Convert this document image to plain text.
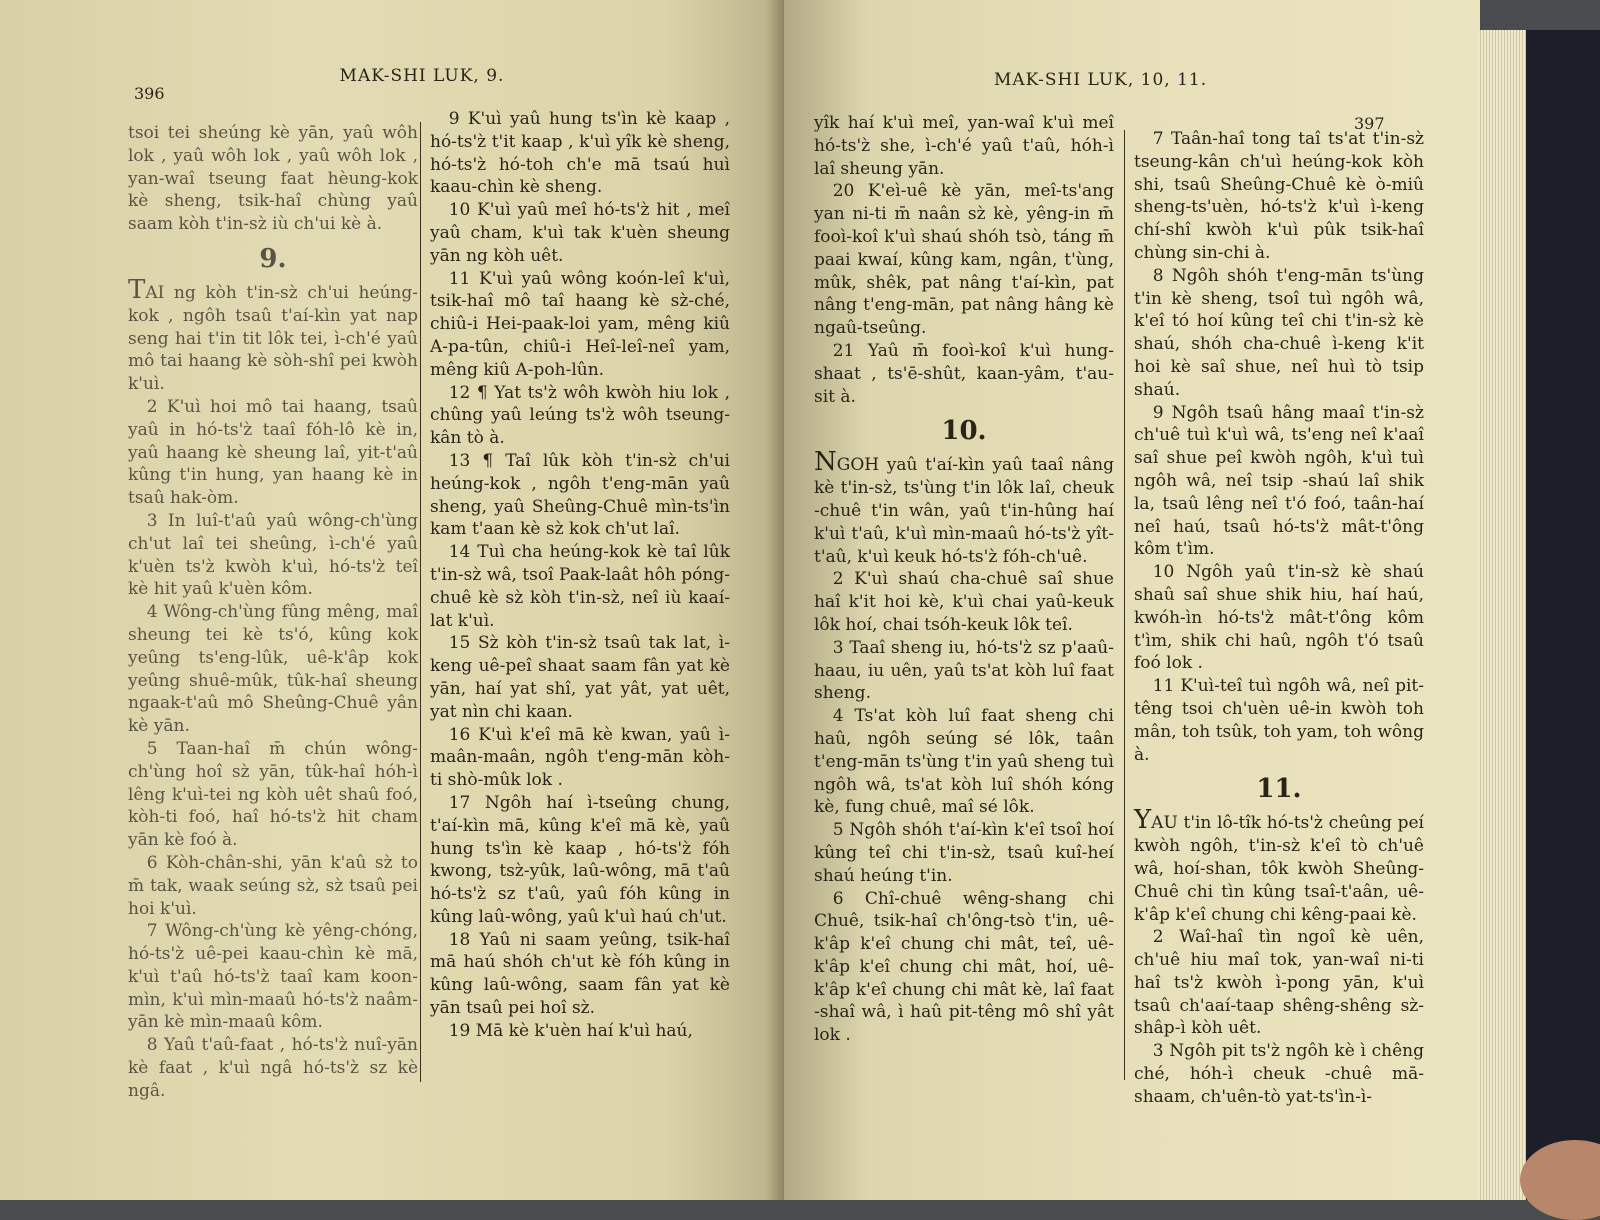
396
MAK-SHI LUK, 9.

tsoi tei sheúng kè yān, yaû wôh lok , yaû wôh lok , yaû wôh lok , yan-waî tseung faat hèung-kok kè sheng, tsik-haî chùng yaû saam kòh t'in-sz̀ iù ch'ui kè à.

9.

TAI ng kòh t'in-sz̀ ch'ui heúng-kok , ngôh tsaû t'aí-kìn yat nap seng hai t'in tit lôk tei, ì-ch'é yaû mô tai haang kè sòh-shî pei kwòh k'uì.

2 K'uì hoi mô tai haang, tsaû yaû in hó-ts'z̀ taaî fóh-lô kè in, yaû haang kè sheung laî, yit-t'aû kûng t'in hung, yan haang kè in tsaû hak-òm.

3 In luî-t'aû yaû wông-ch'ùng ch'ut laî tei sheûng, ì-ch'é yaû k'uèn ts'z̀ kwòh k'uì, hó-ts'z̀ teî kè hit yaû k'uèn kôm.

4 Wông-ch'ùng fûng mêng, maî sheung tei kè ts'ó, kûng kok yeûng ts'eng-lûk, uê-k'âp kok yeûng shuê-mûk, tûk-haî sheung ngaak-t'aû mô Sheûng-Chuê yân kè yān.

5 Taan-haî m̄ chún wông-ch'ùng hoî sz̀ yān, tûk-haî hóh-ì lêng k'uì-tei ng kòh uêt shaû foó, kòh-ti foó, haî hó-ts'z̀ hit cham yān kè foó à.

6 Kòh-chân-shi, yān k'aû sz̀ to m̄ tak, waak seúng sz̀, sz̀ tsaû pei hoi k'uì.

7 Wông-ch'ùng kè yêng-chóng, hó-ts'z̀ uê-pei kaau-chìn kè mā, k'uì t'aû hó-ts'z̀ taaî kam koon-mìn, k'uì mìn-maaû hó-ts'z̀ naâm-yān kè mìn-maaû kôm.

8 Yaû t'aû-faat , hó-ts'z̀ nuî-yān kè faat , k'uì ngâ hó-ts'z̀ sz kè ngâ.

9 K'uì yaû hung ts'ìn kè kaap , hó-ts'z̀ t'it kaap , k'uì yîk kè sheng, hó-ts'z̀ hó-toh ch'e mā tsaú huì kaau-chìn kè sheng.

10 K'uì yaû meî hó-ts'z̀ hit , meî yaû cham, k'uì tak k'uèn sheung yān ng kòh uêt.

11 K'uì yaû wông koón-leî k'uì, tsik-haî mô taî haang kè sz̀-ché, chiû-i Hei-paak-loi yam, mêng kiû A-pa-tûn, chiû-i Heî-leî-neî yam, mêng kiû A-poh-lûn.

12 ¶ Yat ts'z̀ wôh kwòh hiu lok , chûng yaû leúng ts'z̀ wôh tseung-kân tò à.

13 ¶ Taî lûk kòh t'in-sz̀ ch'ui heúng-kok , ngôh t'eng-mān yaû sheng, yaû Sheûng-Chuê mìn-ts'ìn kam t'aan kè sz̀ kok ch'ut laî.

14 Tuì cha heúng-kok kè taî lûk t'in-sz̀ wâ, tsoî Paak-laât hôh póng-chuê kè sz̀ kòh t'in-sz̀, neî iù kaaí-lat k'uì.

15 Sz̀ kòh t'in-sz̀ tsaû tak lat, ì-keng uê-peî shaat saam fân yat kè yān, haí yat shî, yat yât, yat uêt, yat nìn chi kaan.

16 K'uì k'eî mā kè kwan, yaû ì-maân-maân, ngôh t'eng-mān kòh-ti shò-mûk lok .

17 Ngôh haí ì-tseûng chung, t'aí-kìn mā, kûng k'eî mā kè, yaû hung ts'ìn kè kaap , hó-ts'z̀ fóh kwong, tsz̀-yûk, laû-wông, mā t'aû hó-ts'z̀ sz t'aû, yaû fóh kûng in kûng laû-wông, yaû k'uì haú ch'ut.

18 Yaû ni saam yeûng, tsik-haî mā haú shóh ch'ut kè fóh kûng in kûng laû-wông, saam fân yat kè yān tsaû pei hoî sz̀.

19 Mā kè k'uèn haí k'uì haú,

MAK-SHI LUK, 10, 11.
397

yîk haí k'uì meî, yan-waî k'uì meî hó-ts'z̀ she, ì-ch'é yaû t'aû, hóh-ì laî sheung yān.

20 K'eì-uê kè yān, meî-ts'ang yan ni-ti m̄ naân sz̀ kè, yêng-in m̄ fooì-koî k'uì shaú shóh tsò, táng m̄ paai kwaí, kûng kam, ngân, t'ùng, mûk, shêk, pat nâng t'aí-kìn, pat nâng t'eng-mān, pat nâng hâng kè ngaû-tseûng.

21 Yaû m̄ fooì-koî k'uì hung-shaat , ts'ē-shût, kaan-yâm, t'au-sit à.

10.

NGOH yaû t'aí-kìn yaû taaî nâng kè t'in-sz̀, ts'ùng t'in lôk laî, cheuk -chuê t'in wân, yaû t'in-hûng haí k'uì t'aû, k'uì mìn-maaû hó-ts'z̀ yît-t'aû, k'uì keuk hó-ts'z̀ fóh-ch'uê.

2 K'uì shaú cha-chuê saî shue haî k'it hoi kè, k'uì chai yaû-keuk lôk hoí, chai tsóh-keuk lôk teî.

3 Taaî sheng iu, hó-ts'z̀ sz p'aaû-haau, iu uên, yaû ts'at kòh luî faat sheng.

4 Ts'at kòh luî faat sheng chi haû, ngôh seúng sé lôk, taân t'eng-mān ts'ùng t'in yaû sheng tuì ngôh wâ, ts'at kòh luî shóh kóng kè, fung chuê, maî sé lôk.

5 Ngôh shóh t'aí-kìn k'eî tsoî hoí kûng teî chi t'in-sz̀, tsaû kuî-heí shaú heúng t'in.

6 Chî-chuê wêng-shang chi Chuê, tsik-haî ch'ông-tsò t'in, uê-k'âp k'eî chung chi mât, teî, uê-k'âp k'eî chung chi mât, hoí, uê-k'âp k'eî chung chi mât kè, laî faat -shaî wâ, ì haû pit-têng mô shî yât lok .

7 Taân-haî tong taî ts'at t'in-sz̀ tseung-kân ch'uì heúng-kok kòh shi, tsaû Sheûng-Chuê kè ò-miû sheng-ts'uèn, hó-ts'z̀ k'uì ì-keng chí-shî kwòh k'uì pûk tsik-haî chùng sin-chi à.

8 Ngôh shóh t'eng-mān ts'ùng t'in kè sheng, tsoî tuì ngôh wâ, k'eî tó hoí kûng teî chi t'in-sz̀ kè shaú, shóh cha-chuê ì-keng k'it hoi kè saî shue, neî huì tò tsip shaú.

9 Ngôh tsaû hâng maaî t'in-sz̀ ch'uê tuì k'uì wâ, ts'eng neî k'aaî saî shue peî kwòh ngôh, k'uì tuì ngôh wâ, neî tsip -shaú laî shik la, tsaû lêng neî t'ó foó, taân-haí neî haú, tsaû hó-ts'z̀ mât-t'ông kôm t'ìm.

10 Ngôh yaû t'in-sz̀ kè shaú shaû saî shue shik hiu, haí haú, kwóh-ìn hó-ts'z̀ mât-t'ông kôm t'ìm, shik chi haû, ngôh t'ó tsaû foó lok .

11 K'uì-teî tuì ngôh wâ, neî pit-têng tsoi ch'uèn uê-in kwòh toh mân, toh tsûk, toh yam, toh wông à.

11.

YAU t'in lô-tîk hó-ts'z̀ cheûng peí kwòh ngôh, t'in-sz̀ k'eî tò ch'uê wâ, hoí-shan, tôk kwòh Sheûng-Chuê chi tìn kûng tsaî-t'aân, uê-k'âp k'eî chung chi kêng-paai kè.

2 Waî-haî tìn ngoî kè uên, ch'uê hiu maî tok, yan-waî ni-ti haî ts'z̀ kwòh ì-pong yān, k'uì tsaû ch'aaí-taap shêng-shêng sz̀-shâp-ì kòh uêt.

3 Ngôh pit ts'z̀ ngôh kè ì chêng ché, hóh-ì cheuk -chuê mā-shaam, ch'uên-tò yat-ts'ìn-ì-
